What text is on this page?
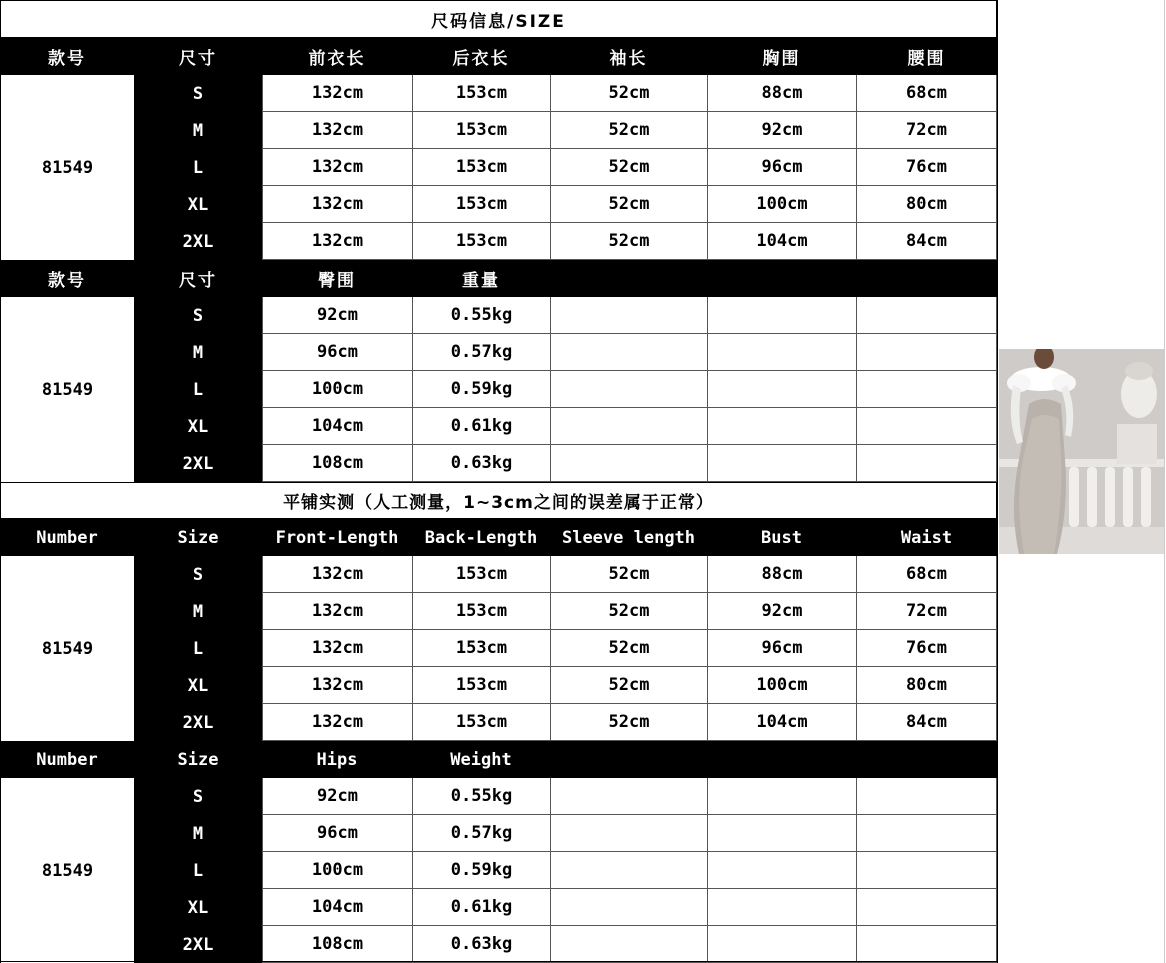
尺码信息/SIZE
款号	尺寸	前衣长	后衣长	袖长	胸围	腰围
81549
S	132cm	153cm	52cm	88cm	68cm
M	132cm	153cm	52cm	92cm	72cm
L	132cm	153cm	52cm	96cm	76cm
XL	132cm	153cm	52cm	100cm	80cm
2XL	132cm	153cm	52cm	104cm	84cm
款号	尺寸	臀围	重量
81549
S	92cm	0.55kg
M	96cm	0.57kg
L	100cm	0.59kg
XL	104cm	0.61kg
2XL	108cm	0.63kg
平铺实测（人工测量，1~3cm之间的误差属于正常）
Number	Size	Front-Length	Back-Length	Sleeve length	Bust	Waist
81549
S	132cm	153cm	52cm	88cm	68cm
M	132cm	153cm	52cm	92cm	72cm
L	132cm	153cm	52cm	96cm	76cm
XL	132cm	153cm	52cm	100cm	80cm
2XL	132cm	153cm	52cm	104cm	84cm
Number	Size	Hips	Weight
81549
S	92cm	0.55kg
M	96cm	0.57kg
L	100cm	0.59kg
XL	104cm	0.61kg
2XL	108cm	0.63kg
